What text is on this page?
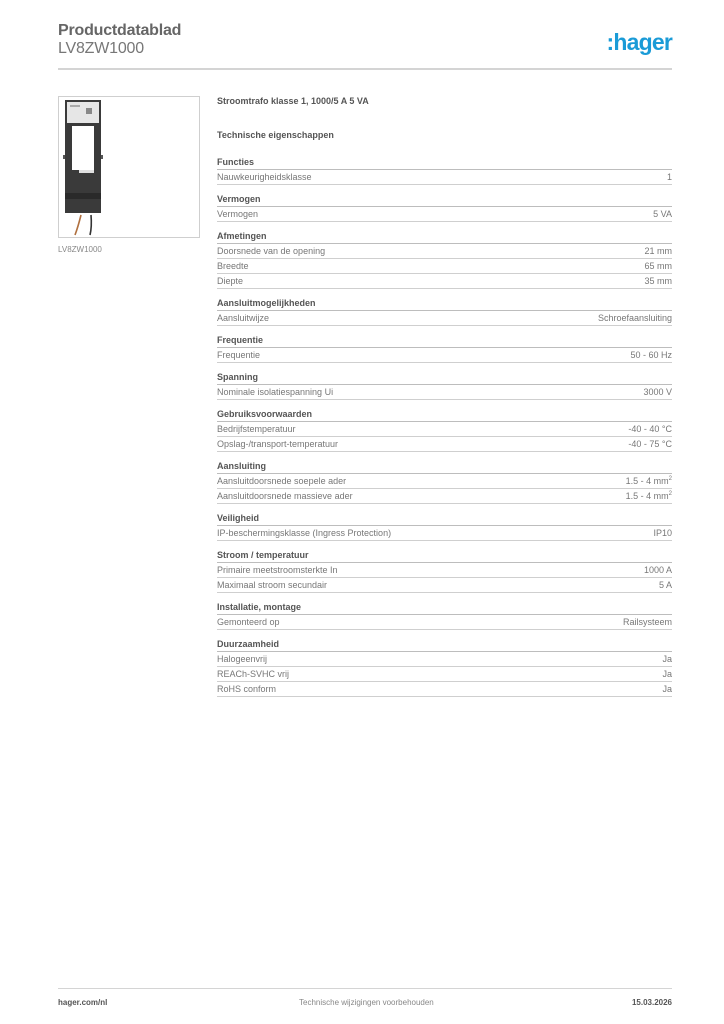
Productdatablad
LV8ZW1000	:hager
LV8ZW1000
Stroomtrafo klasse 1, 1000/5 A 5 VA
Technische eigenschappen
Functies
Nauwkeurigheidsklasse	1
Vermogen
Vermogen	5 VA
Afmetingen
Doorsnede van de opening	21 mm
Breedte	65 mm
Diepte	35 mm
Aansluitmogelijkheden
Aansluitwijze	Schroefaansluiting
Frequentie
Frequentie	50 - 60 Hz
Spanning
Nominale isolatiespanning Ui	3000 V
Gebruiksvoorwaarden
Bedrijfstemperatuur	-40 - 40 °C
Opslag-/transport-temperatuur	-40 - 75 °C
Aansluiting
Aansluitdoorsnede soepele ader	1.5 - 4 $mm^2$
Aansluitdoorsnede massieve ader	1.5 - 4 $mm^2$
Veiligheid
IP-beschermingsklasse (Ingress Protection)	IP10
Stroom / temperatuur
Primaire meetstroomsterkte In	1000 A
Maximaal stroom secundair	5 A
Installatie, montage
Gemonteerd op	Railsysteem
Duurzaamheid
Halogeenvrij	Ja
REACh-SVHC vrij	Ja
RoHS conform	Ja
hager.com/nl	Technische wijzigingen voorbehouden	15.03.2026
